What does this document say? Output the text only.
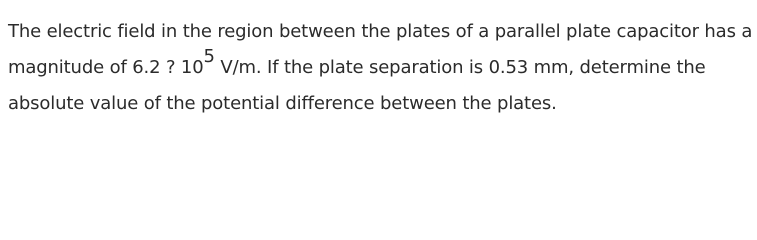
The electric field in the region between the plates of a parallel plate capacitor has a
magnitude of 6.2 ? 105 V/m. If the plate separation is 0.53 mm, determine the
absolute value of the potential difference between the plates.
